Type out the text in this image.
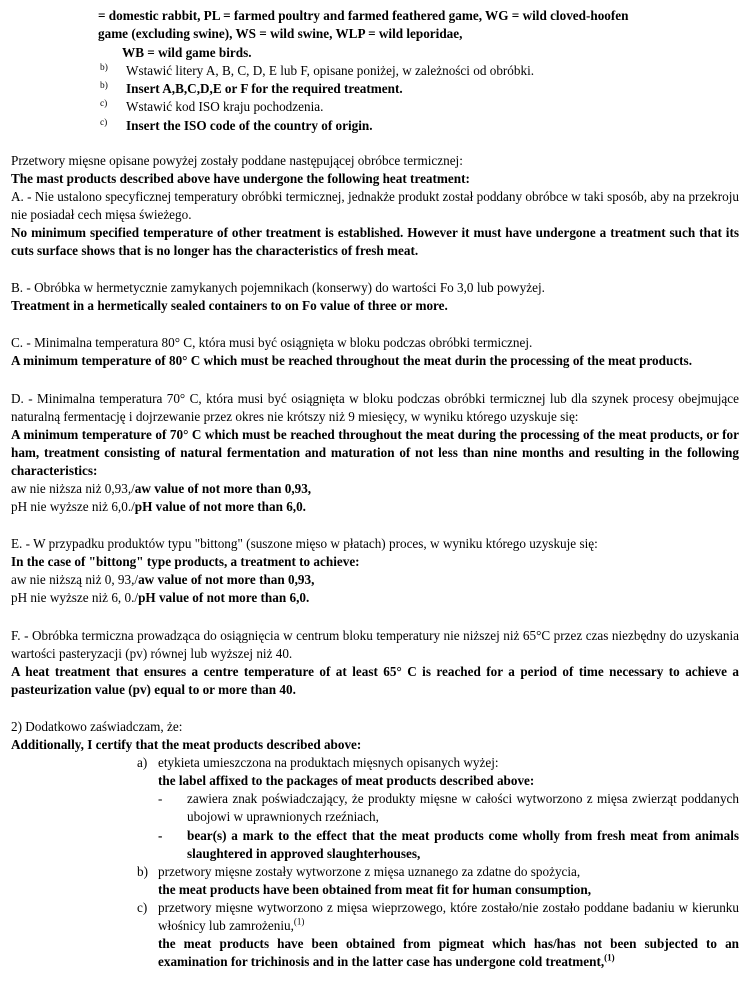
= domestic rabbit, PL = farmed poultry and farmed feathered game, WG = wild cloved-hoofen
game (excluding swine), WS = wild swine, WLP = wild leporidae,

WB = wild game birds.
$^{b)}$	Wstawić litery A, B, C, D, E lub F, opisane poniżej, w zależności od obróbki.
$^{b)}$	Insert A,B,C,D,E or F for the required treatment.
$^{c)}$	Wstawić kod ISO kraju pochodzenia.
$^{c)}$	Insert the ISO code of the country of origin.
Przetwory mięsne opisane powyżej zostały poddane następującej obróbce termicznej:
The mast products described above have undergone the following heat treatment:
A. - Nie ustalono specyficznej temperatury obróbki termicznej, jednakże produkt został poddany obróbce w taki sposób, aby na przekroju nie posiadał cech mięsa świeżego.
No minimum specified temperature of other treatment is established. However it must have undergone a treatment such that its cuts surface shows that is no longer has the characteristics of fresh meat.
B. - Obróbka w hermetycznie zamykanych pojemnikach (konserwy) do wartości Fo 3,0 lub powyżej.
Treatment in a hermetically sealed containers to on Fo value of three or more.
C. - Minimalna temperatura 80° C, która musi być osiągnięta w bloku podczas obróbki termicznej.
A minimum temperature of 80° C which must be reached throughout the meat durin the processing of the meat products.
D. - Minimalna temperatura 70° C, która musi być osiągnięta w bloku podczas obróbki termicznej lub dla szynek procesy obejmujące naturalną fermentację i dojrzewanie przez okres nie krótszy niż 9 miesięcy, w wyniku którego uzyskuje się:
A minimum temperature of 70° C which must be reached throughout the meat during the processing of the meat products, or for ham, treatment consisting of natural fermentation and maturation of not less than nine months and resulting in the following characteristics:
aw nie niższa niż 0,93,/aw value of not more than 0,93,
pH nie wyższe niż 6,0./pH value of not more than 6,0.
E. - W przypadku produktów typu "bittong" (suszone mięso w płatach) proces, w wyniku którego uzyskuje się:
In the case of "bittong" type products, a treatment to achieve:
aw nie niższą niż 0, 93,/aw value of not more than 0,93,
pH nie wyższe niż 6, 0./pH value of not more than 6,0.
F. - Obróbka termiczna prowadząca do osiągnięcia w centrum bloku temperatury nie niższej niż 65°C przez czas niezbędny do uzyskania wartości pasteryzacji (pv) równej lub wyższej niż 40.
A heat treatment that ensures a centre temperature of at least 65° C is reached for a period of time necessary to achieve a pasteurization value (pv) equal to or more than 40.
2) Dodatkowo zaświadczam, że:
Additionally, I certify that the meat products described above:
a) etykieta umieszczona na produktach mięsnych opisanych wyżej:
the label affixed to the packages of meat products described above:
-	zawiera znak poświadczający, że produkty mięsne w całości wytworzono z mięsa zwierząt poddanych ubojowi w uprawnionych rzeźniach,
-	bear(s) a mark to the effect that the meat products come wholly from fresh meat from animals slaughtered in approved slaughterhouses,
b) przetwory mięsne zostały wytworzone z mięsa uznanego za zdatne do spożycia,
the meat products have been obtained from meat fit for human consumption,
c) przetwory mięsne wytworzono z mięsa wieprzowego, które zostało/nie zostało poddane badaniu w kierunku włośnicy lub zamrożeniu,$^{(1)}$
the meat products have been obtained from pigmeat which has/has not been subjected to an examination for trichinosis and in the latter case has undergone cold treatment,$^{(1)}$
